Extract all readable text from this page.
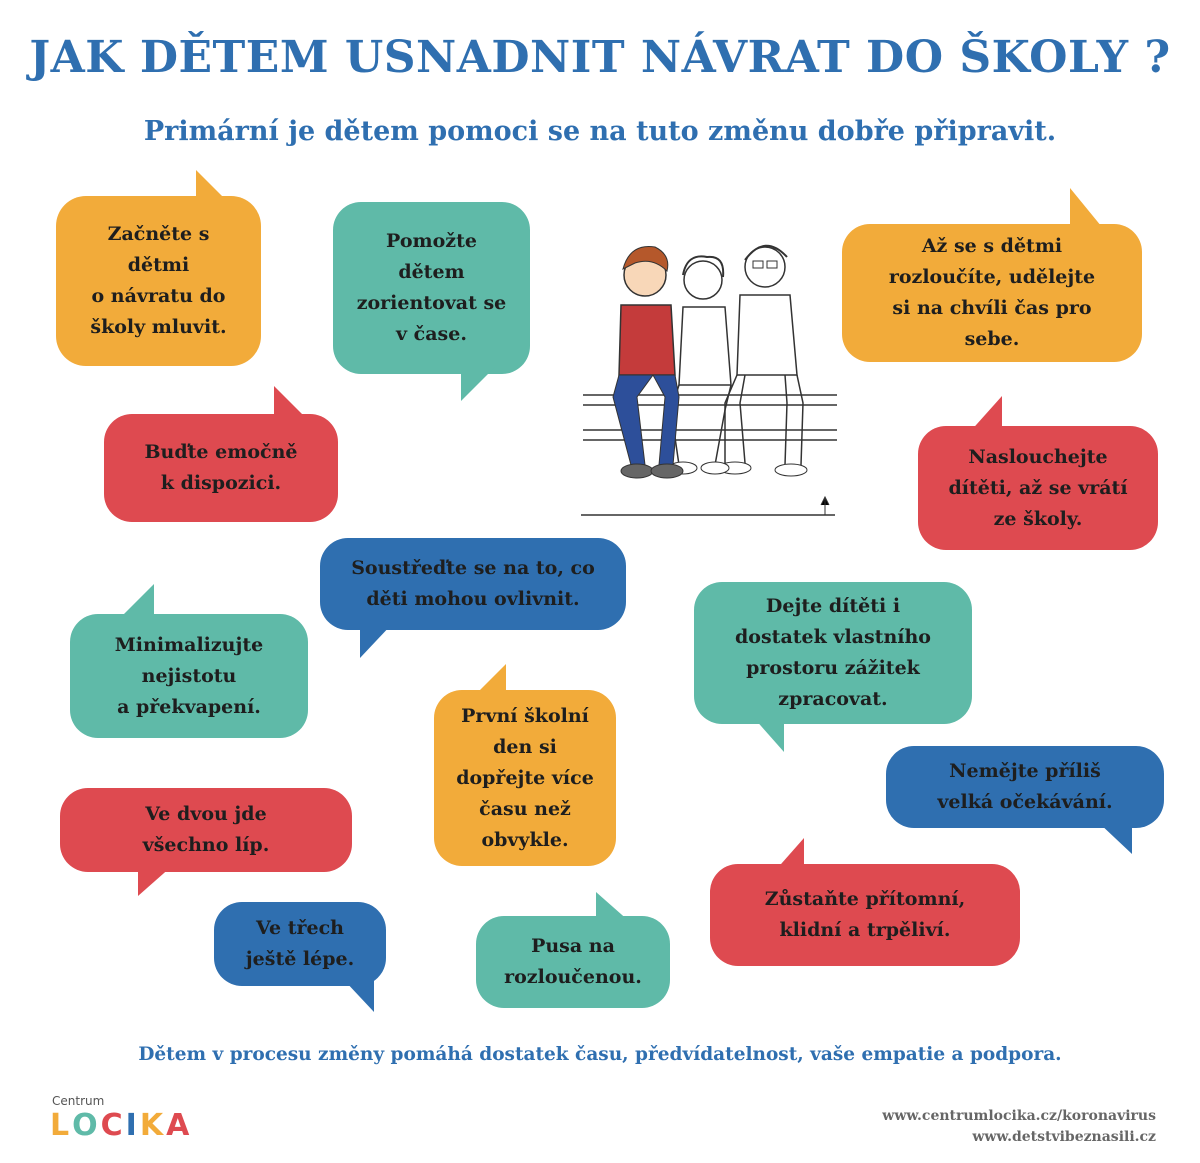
JAK DĚTEM USNADNIT NÁVRAT DO ŠKOLY ?
Primární je dětem pomoci se na tuto změnu dobře připravit.
Začněte s
dětmi
o návratu do
školy mluvit.
Pomožte
dětem
zorientovat se
v čase.
Až se s dětmi
rozloučíte, udělejte
si na chvíli čas pro
sebe.
Buďte emočně
k dispozici.
Naslouchejte
dítěti, až se vrátí
ze školy.
Soustřeďte se na to, co
děti mohou ovlivnit.	Dejte dítěti i
dostatek vlastního
prostoru zážitek
zpracovat.
Minimalizujte
nejistotu
a překvapení.	První školní
den si
dopřejte více
času než
obvykle.
Nemějte příliš
velká očekávání.
Ve dvou jde
všechno líp.
Zůstaňte přítomní,
klidní a trpěliví.
Ve třech
ještě lépe.
Pusa na
rozloučenou.
Dětem v procesu změny pomáhá dostatek času, předvídatelnost, vaše empatie a podpora.
Centrum
L O C I K A	www.centrumlocika.cz/koronavirus
www.detstvibeznasili.cz
